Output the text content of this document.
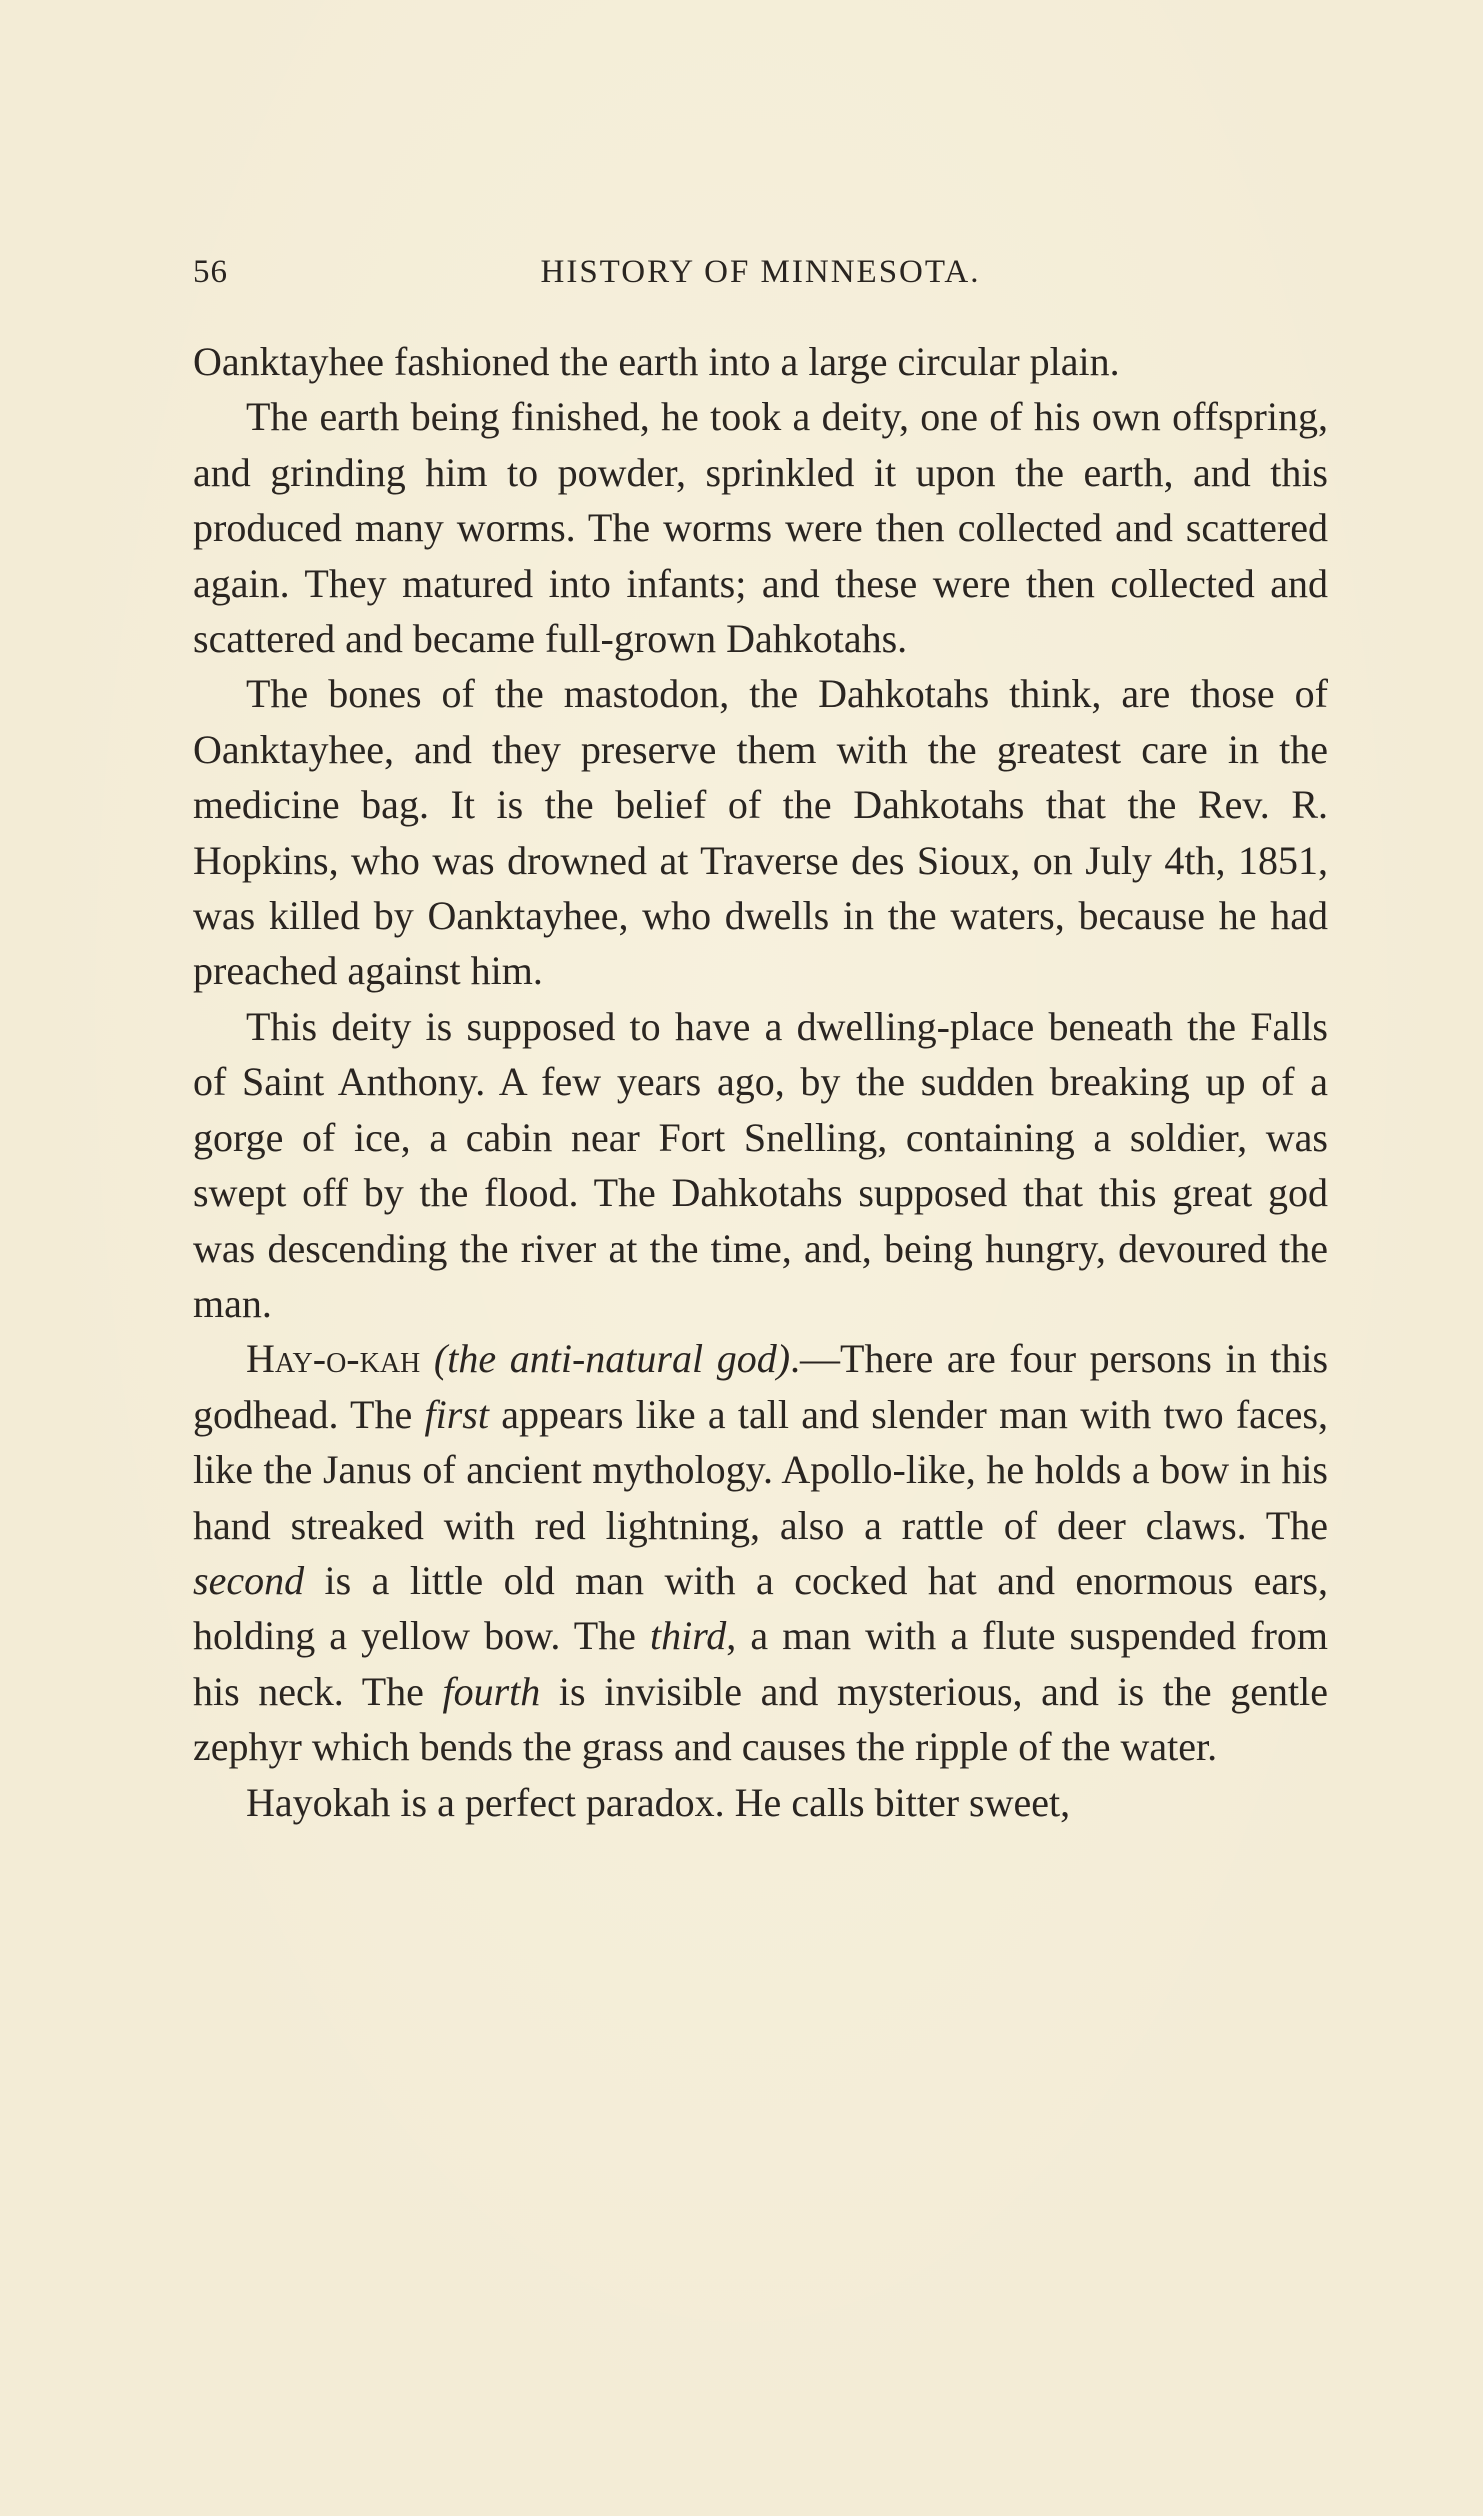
56	HISTORY OF MINNESOTA.

Oanktayhee fashioned the earth into a large circular plain.

The earth being finished, he took a deity, one of his own offspring, and grinding him to powder, sprinkled it upon the earth, and this produced many worms. The worms were then collected and scattered again. They matured into infants; and these were then collected and scattered and became full-grown Dahkotahs.

The bones of the mastodon, the Dahkotahs think, are those of Oanktayhee, and they preserve them with the greatest care in the medicine bag. It is the belief of the Dahkotahs that the Rev. R. Hopkins, who was drowned at Traverse des Sioux, on July 4th, 1851, was killed by Oanktayhee, who dwells in the waters, because he had preached against him.

This deity is supposed to have a dwelling-place beneath the Falls of Saint Anthony. A few years ago, by the sudden breaking up of a gorge of ice, a cabin near Fort Snelling, containing a soldier, was swept off by the flood. The Dahkotahs supposed that this great god was descending the river at the time, and, being hungry, devoured the man.

Hay-o-kah (the anti-natural god).—There are four persons in this godhead. The first appears like a tall and slender man with two faces, like the Janus of ancient mythology. Apollo-like, he holds a bow in his hand streaked with red lightning, also a rattle of deer claws. The second is a little old man with a cocked hat and enormous ears, holding a yellow bow. The third, a man with a flute suspended from his neck. The fourth is invisible and mysterious, and is the gentle zephyr which bends the grass and causes the ripple of the water.

Hayokah is a perfect paradox. He calls bitter sweet,
